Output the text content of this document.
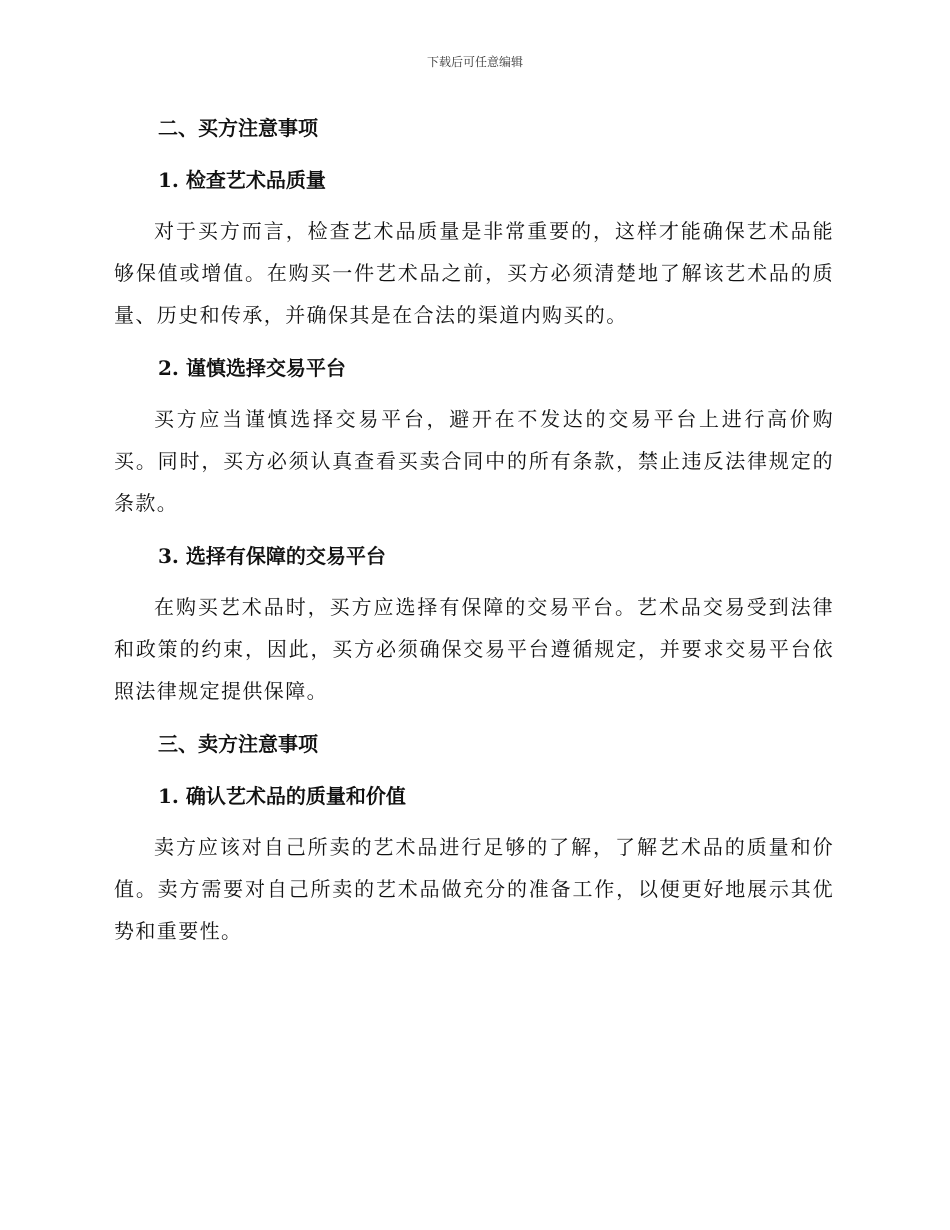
下载后可任意编辑
二、买方注意事项
1. 检查艺术品质量
对于买方而言，检查艺术品质量是非常重要的，这样才能确保艺术品能够保值或增值。在购买一件艺术品之前，买方必须清楚地了解该艺术品的质量、历史和传承，并确保其是在合法的渠道内购买的。
2. 谨慎选择交易平台
买方应当谨慎选择交易平台，避开在不发达的交易平台上进行高价购买。同时，买方必须认真查看买卖合同中的所有条款，禁止违反法律规定的条款。
3. 选择有保障的交易平台
在购买艺术品时，买方应选择有保障的交易平台。艺术品交易受到法律和政策的约束，因此，买方必须确保交易平台遵循规定，并要求交易平台依照法律规定提供保障。
三、卖方注意事项
1. 确认艺术品的质量和价值
卖方应该对自己所卖的艺术品进行足够的了解，了解艺术品的质量和价值。卖方需要对自己所卖的艺术品做充分的准备工作，以便更好地展示其优势和重要性。
